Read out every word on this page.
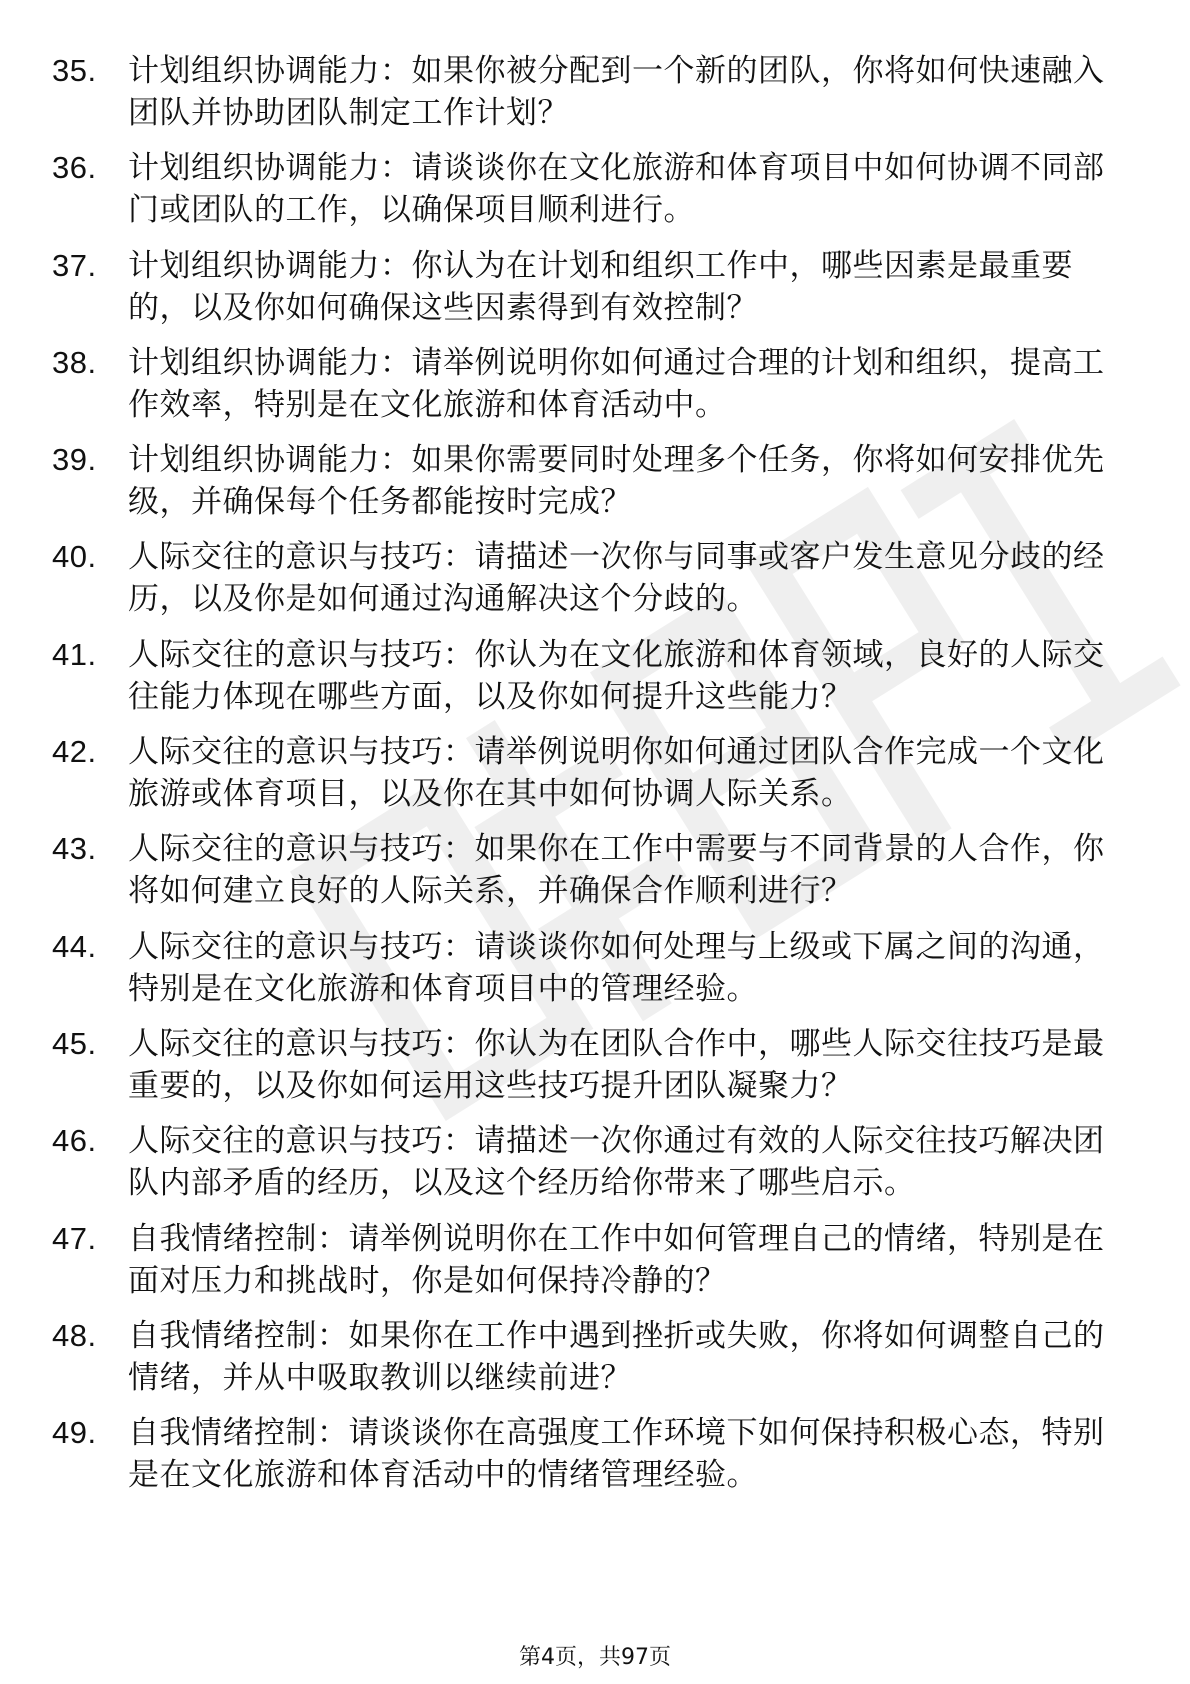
35.	计划组织协调能力：如果你被分配到一个新的团队，你将如何快速融入团队并协助团队制定工作计划？
36.	计划组织协调能力：请谈谈你在文化旅游和体育项目中如何协调不同部门或团队的工作，以确保项目顺利进行。
37.	计划组织协调能力：你认为在计划和组织工作中，哪些因素是最重要的，以及你如何确保这些因素得到有效控制？
38.	计划组织协调能力：请举例说明你如何通过合理的计划和组织，提高工作效率，特别是在文化旅游和体育活动中。
39.	计划组织协调能力：如果你需要同时处理多个任务，你将如何安排优先级，并确保每个任务都能按时完成？
40.	人际交往的意识与技巧：请描述一次你与同事或客户发生意见分歧的经历，以及你是如何通过沟通解决这个分歧的。
41.	人际交往的意识与技巧：你认为在文化旅游和体育领域，良好的人际交往能力体现在哪些方面，以及你如何提升这些能力？
42.	人际交往的意识与技巧：请举例说明你如何通过团队合作完成一个文化旅游或体育项目，以及你在其中如何协调人际关系。
43.	人际交往的意识与技巧：如果你在工作中需要与不同背景的人合作，你将如何建立良好的人际关系，并确保合作顺利进行？
44.	人际交往的意识与技巧：请谈谈你如何处理与上级或下属之间的沟通，特别是在文化旅游和体育项目中的管理经验。
45.	人际交往的意识与技巧：你认为在团队合作中，哪些人际交往技巧是最重要的，以及你如何运用这些技巧提升团队凝聚力？
46.	人际交往的意识与技巧：请描述一次你通过有效的人际交往技巧解决团队内部矛盾的经历，以及这个经历给你带来了哪些启示。
47.	自我情绪控制：请举例说明你在工作中如何管理自己的情绪，特别是在面对压力和挑战时，你是如何保持冷静的？
48.	自我情绪控制：如果你在工作中遇到挫折或失败，你将如何调整自己的情绪，并从中吸取教训以继续前进？
49.	自我情绪控制：请谈谈你在高强度工作环境下如何保持积极心态，特别是在文化旅游和体育活动中的情绪管理经验。
第4页，共97页
